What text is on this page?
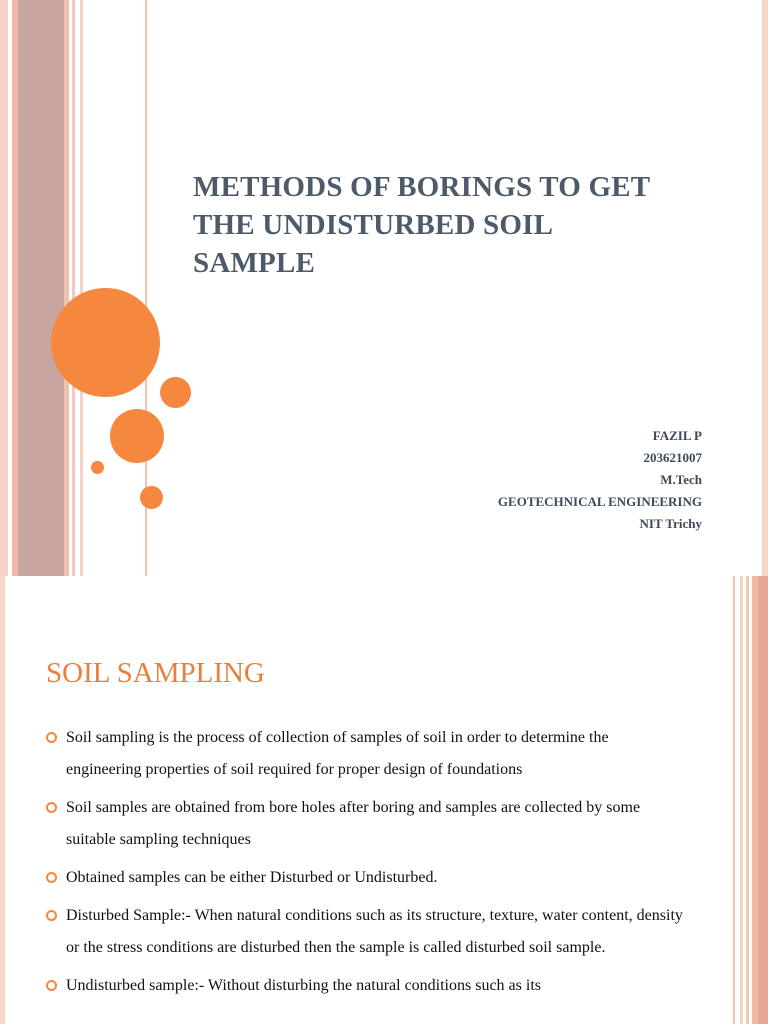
METHODS OF BORINGS TO GET
THE UNDISTURBED SOIL
SAMPLE
FAZIL P
203621007
M.Tech
GEOTECHNICAL ENGINEERING
NIT Trichy
SOIL SAMPLING
Soil sampling is the process of collection of samples of soil in order to determine the engineering properties of soil required for proper design of foundations
Soil samples are obtained from bore holes after boring and samples are collected by some suitable sampling techniques
Obtained samples can be either Disturbed or Undisturbed.
Disturbed Sample:- When natural conditions such as its structure, texture, water content, density or the stress conditions are disturbed then the sample is called disturbed soil sample.
Undisturbed sample:- Without disturbing the natural conditions such as its
